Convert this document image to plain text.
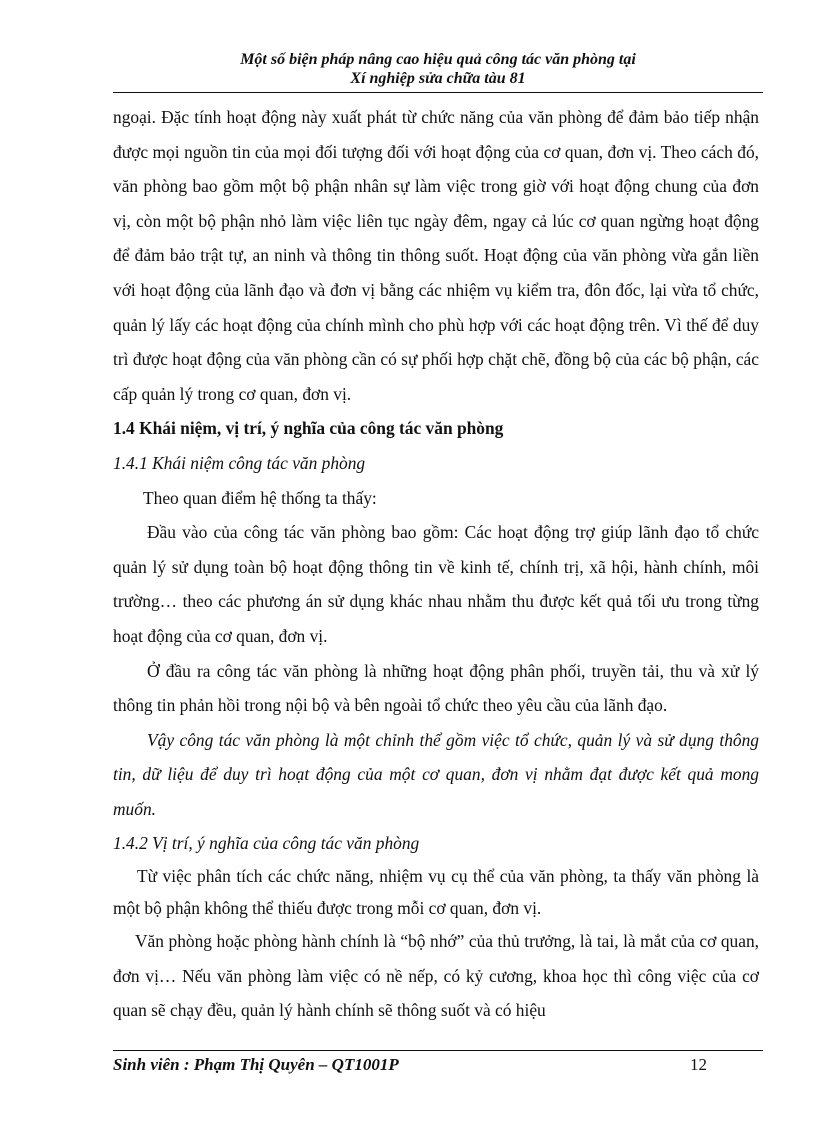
Một số biện pháp nâng cao hiệu quả công tác văn phòng tại
Xí nghiệp sửa chữa tàu 81

ngoại. Đặc tính hoạt động này xuất phát từ chức năng của văn phòng để đảm bảo tiếp nhận được mọi nguồn tin của mọi đối tượng đối với hoạt động của cơ quan, đơn vị. Theo cách đó, văn phòng bao gồm một bộ phận nhân sự làm việc trong giờ với hoạt động chung của đơn vị, còn một bộ phận nhỏ làm việc liên tục ngày đêm, ngay cả lúc cơ quan ngừng hoạt động để đảm bảo trật tự, an ninh và thông tin thông suốt. Hoạt động của văn phòng vừa gắn liền với hoạt động của lãnh đạo và đơn vị bằng các nhiệm vụ kiểm tra, đôn đốc, lại vừa tổ chức, quản lý lấy các hoạt động của chính mình cho phù hợp với các hoạt động trên. Vì thế để duy trì được hoạt động của văn phòng cần có sự phối hợp chặt chẽ, đồng bộ của các bộ phận, các cấp quản lý trong cơ quan, đơn vị.

1.4 Khái niệm, vị trí, ý nghĩa của công tác văn phòng

1.4.1 Khái niệm công tác văn phòng

Theo quan điểm hệ thống ta thấy:

Đầu vào của công tác văn phòng bao gồm: Các hoạt động trợ giúp lãnh đạo tổ chức quản lý sử dụng toàn bộ hoạt động thông tin về kinh tế, chính trị, xã hội, hành chính, môi trường… theo các phương án sử dụng khác nhau nhằm thu được kết quả tối ưu trong từng hoạt động của cơ quan, đơn vị.

Ở đầu ra công tác văn phòng là những hoạt động phân phối, truyền tải, thu và xử lý thông tin phản hồi trong nội bộ và bên ngoài tổ chức theo yêu cầu của lãnh đạo.

Vậy công tác văn phòng là một chỉnh thể gồm việc tổ chức, quản lý và sử dụng thông tin, dữ liệu để duy trì hoạt động của một cơ quan, đơn vị nhằm đạt được kết quả mong muốn.

1.4.2 Vị trí, ý nghĩa của công tác văn phòng

Từ việc phân tích các chức năng, nhiệm vụ cụ thể của văn phòng, ta thấy văn phòng là một bộ phận không thể thiếu được trong mỗi cơ quan, đơn vị.

Văn phòng hoặc phòng hành chính là “bộ nhớ” của thủ trưởng, là tai, là mắt của cơ quan, đơn vị… Nếu văn phòng làm việc có nề nếp, có kỷ cương, khoa học thì công việc của cơ quan sẽ chạy đều, quản lý hành chính sẽ thông suốt và có hiệu

Sinh viên : Phạm Thị Quyên – QT1001P	12
